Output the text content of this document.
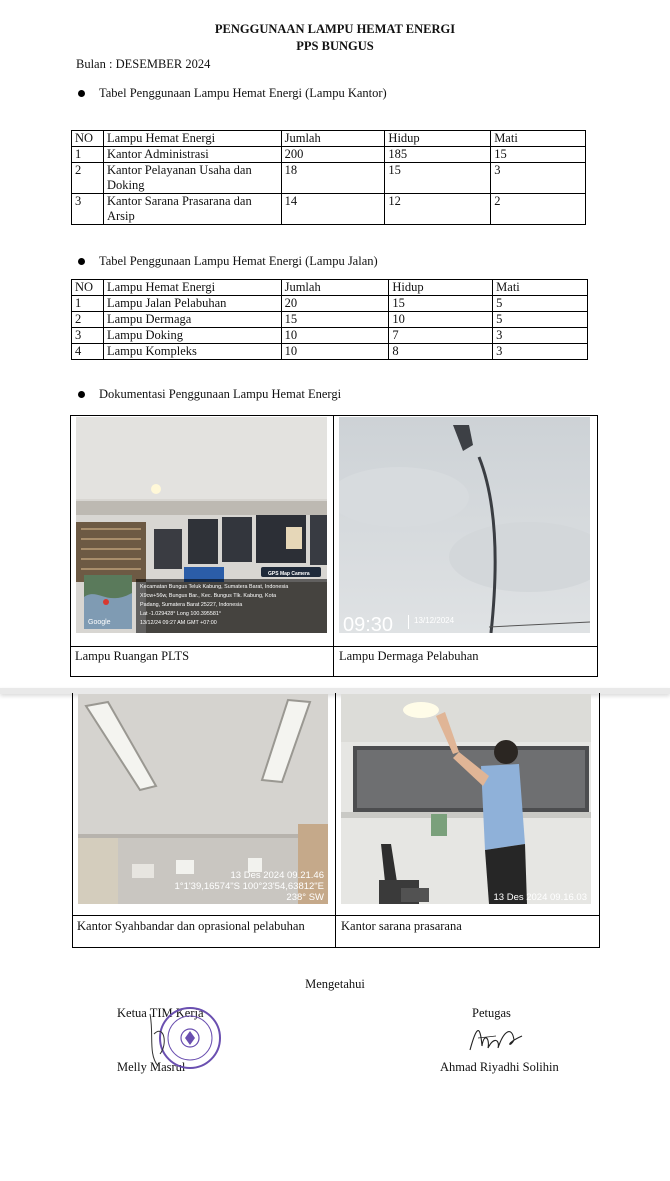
PENGGUNAAN LAMPU HEMAT ENERGI
PPS BUNGUS
Bulan : DESEMBER 2024
Tabel Penggunaan Lampu Hemat Energi (Lampu Kantor)
NO	Lampu Hemat Energi	Jumlah	Hidup	Mati
1	Kantor Administrasi	200	185	15
2	Kantor Pelayanan Usaha dan Doking	18	15	3
3	Kantor Sarana Prasarana dan Arsip	14	12	2
Tabel Penggunaan Lampu Hemat Energi (Lampu Jalan)
NO	Lampu Hemat Energi	Jumlah	Hidup	Mati
1	Lampu Jalan Pelabuhan	20	15	5
2	Lampu Dermaga	15	10	5
3	Lampu Doking	10	7	3
4	Lampu Kompleks	10	8	3
Dokumentasi Penggunaan Lampu Hemat Energi
GPS Map Camera
Kecamatan Bungus Teluk Kabung, Sumatera Barat, Indonesia
X9cw+56w, Bungus Bar., Kec. Bungus Tlk. Kabung, Kota
Padang, Sumatera Barat 25227, Indonesia
Lat -1.029428° Long 100.395581°
13/12/24 09:27 AM GMT +07:00
Google	09:30	13/12/2024
Lampu Ruangan PLTS	Lampu Dermaga Pelabuhan
13 Des 2024 09.21.46
1°1'39,16574"S 100°23'54,63812"E
238° SW	13 Des 2024 09.16.03
Kantor Syahbandar dan oprasional pelabuhan	Kantor sarana prasarana
Mengetahui
Ketua TIM Kerja
Melly Masrul
Petugas
Ahmad Riyadhi Solihin
